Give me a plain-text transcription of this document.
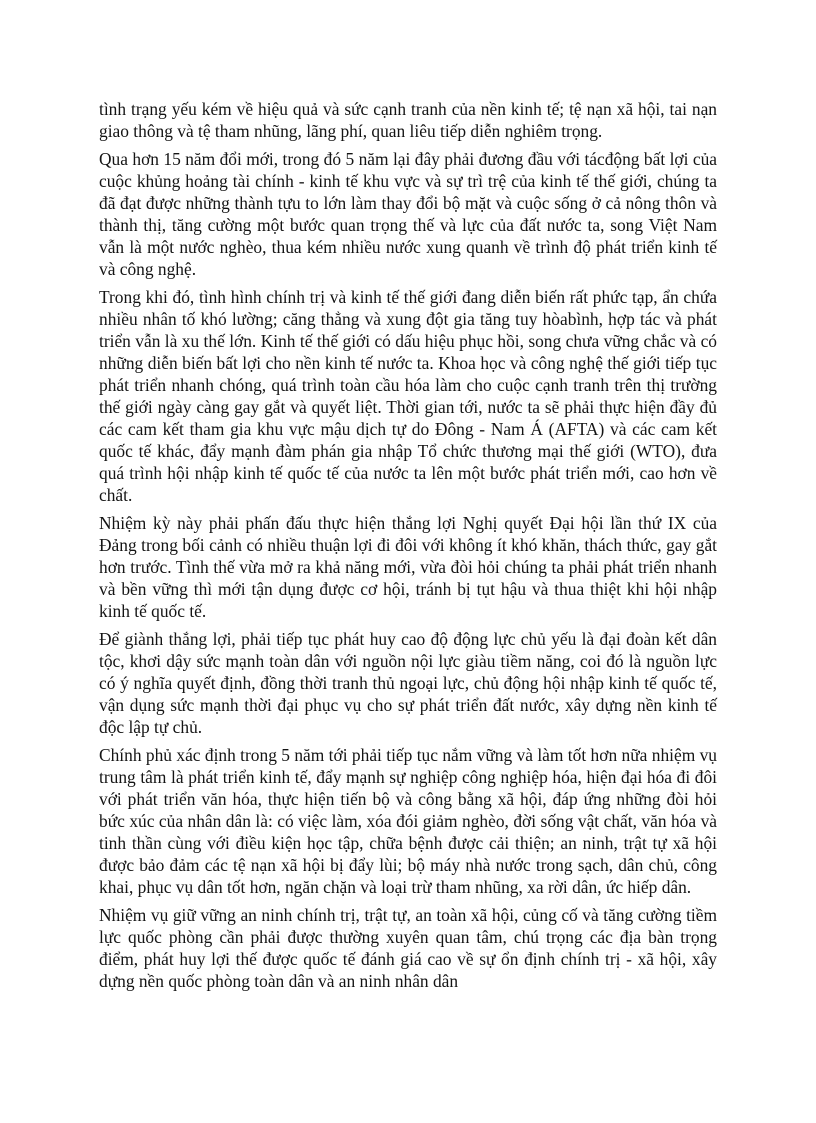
tình trạng yếu kém về hiệu quả và sức cạnh tranh của nền kinh tế; tệ nạn xã hội, tai nạn giao thông và tệ tham nhũng, lãng phí, quan liêu tiếp diễn nghiêm trọng.

Qua hơn 15 năm đổi mới, trong đó 5 năm lại đây phải đương đầu với tácđộng bất lợi của cuộc khủng hoảng tài chính - kinh tế khu vực và sự trì trệ của kinh tế thế giới, chúng ta đã đạt được những thành tựu to lớn làm thay đổi bộ mặt và cuộc sống ở cả nông thôn và thành thị, tăng cường một bước quan trọng thế và lực của đất nước ta, song Việt Nam vẫn là một nước nghèo, thua kém nhiều nước xung quanh về trình độ phát triển kinh tế và công nghệ.

Trong khi đó, tình hình chính trị và kinh tế thế giới đang diễn biến rất phức tạp, ẩn chứa nhiều nhân tố khó lường; căng thẳng và xung đột gia tăng tuy hòabình, hợp tác và phát triển vẫn là xu thế lớn. Kinh tế thế giới có dấu hiệu phục hồi, song chưa vững chắc và có những diễn biến bất lợi cho nền kinh tế nước ta. Khoa học và công nghệ thế giới tiếp tục phát triển nhanh chóng, quá trình toàn cầu hóa làm cho cuộc cạnh tranh trên thị trường thế giới ngày càng gay gắt và quyết liệt. Thời gian tới, nước ta sẽ phải thực hiện đầy đủ các cam kết tham gia khu vực mậu dịch tự do Đông - Nam Á (AFTA) và các cam kết quốc tế khác, đẩy mạnh đàm phán gia nhập Tổ chức thương mại thế giới (WTO), đưa quá trình hội nhập kinh tế quốc tế của nước ta lên một bước phát triển mới, cao hơn về chất.

Nhiệm kỳ này phải phấn đấu thực hiện thắng lợi Nghị quyết Đại hội lần thứ IX của Đảng trong bối cảnh có nhiều thuận lợi đi đôi với không ít khó khăn, thách thức, gay gắt hơn trước. Tình thế vừa mở ra khả năng mới, vừa đòi hỏi chúng ta phải phát triển nhanh và bền vững thì mới tận dụng được cơ hội, tránh bị tụt hậu và thua thiệt khi hội nhập kinh tế quốc tế.

Để giành thắng lợi, phải tiếp tục phát huy cao độ động lực chủ yếu là đại đoàn kết dân tộc, khơi dậy sức mạnh toàn dân với nguồn nội lực giàu tiềm năng, coi đó là nguồn lực có ý nghĩa quyết định, đồng thời tranh thủ ngoại lực, chủ động hội nhập kinh tế quốc tế, vận dụng sức mạnh thời đại phục vụ cho sự phát triển đất nước, xây dựng nền kinh tế độc lập tự chủ.

Chính phủ xác định trong 5 năm tới phải tiếp tục nắm vững và làm tốt hơn nữa nhiệm vụ trung tâm là phát triển kinh tế, đẩy mạnh sự nghiệp công nghiệp hóa, hiện đại hóa đi đôi với phát triển văn hóa, thực hiện tiến bộ và công bằng xã hội, đáp ứng những đòi hỏi bức xúc của nhân dân là: có việc làm, xóa đói giảm nghèo, đời sống vật chất, văn hóa và tinh thần cùng với điều kiện học tập, chữa bệnh được cải thiện; an ninh, trật tự xã hội được bảo đảm các tệ nạn xã hội bị đẩy lùi; bộ máy nhà nước trong sạch, dân chủ, công khai, phục vụ dân tốt hơn, ngăn chặn và loại trừ tham nhũng, xa rời dân, ức hiếp dân.

Nhiệm vụ giữ vững an ninh chính trị, trật tự, an toàn xã hội, củng cố và tăng cường tiềm lực quốc phòng cần phải được thường xuyên quan tâm, chú trọng các địa bàn trọng điểm, phát huy lợi thế được quốc tế đánh giá cao về sự ổn định chính trị - xã hội, xây dựng nền quốc phòng toàn dân và an ninh nhân dân
